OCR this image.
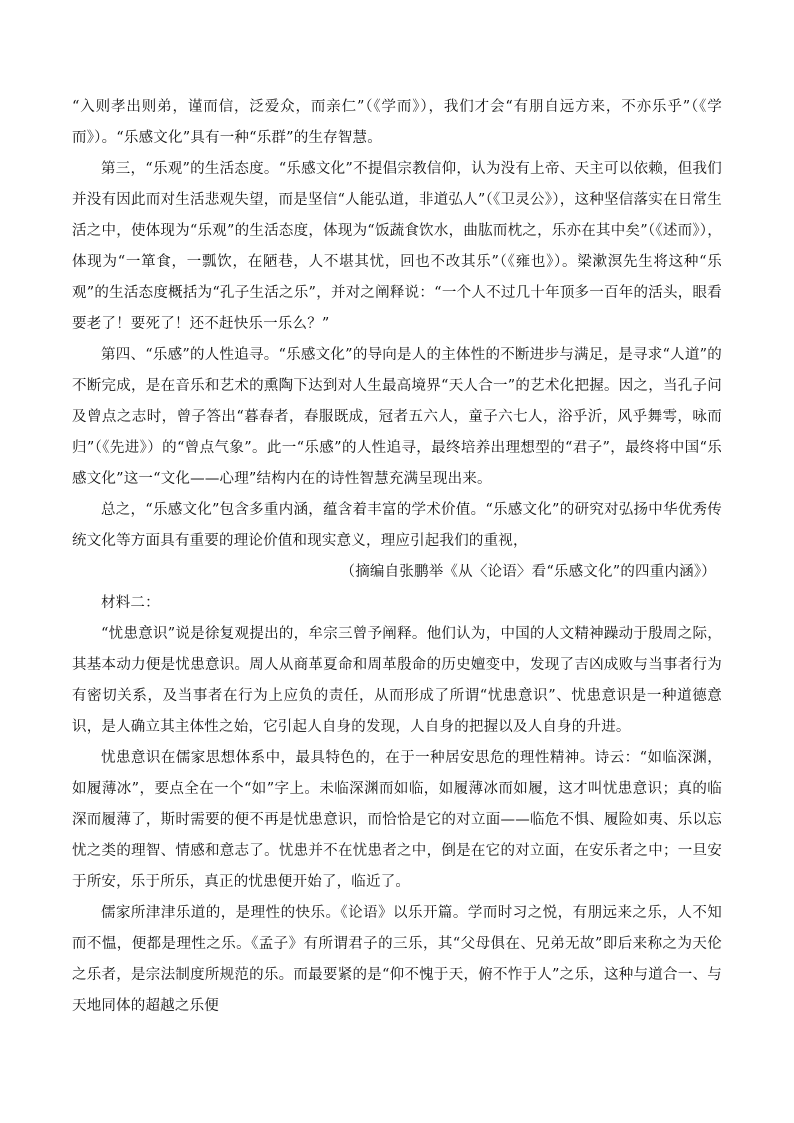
“入则孝出则弟，谨而信，泛爱众，而亲仁”（《学而》），我们才会“有朋自远方来，不亦乐乎”（《学而》）。“乐感文化”具有一种“乐群”的生存智慧。

第三，“乐观”的生活态度。“乐感文化”不提倡宗教信仰，认为没有上帝、天主可以依赖，但我们并没有因此而对生活悲观失望，而是坚信“人能弘道，非道弘人”（《卫灵公》），这种坚信落实在日常生活之中，使体现为“乐观”的生活态度，体现为“饭蔬食饮水，曲肱而枕之，乐亦在其中矣”（《述而》），体现为“一箪食，一瓢饮，在陋巷，人不堪其忧，回也不改其乐”（《雍也》）。梁漱溟先生将这种“乐观”的生活态度概括为“孔子生活之乐”，并对之阐释说：“一个人不过几十年顶多一百年的活头，眼看要老了！要死了！还不赶快乐一乐么？”

第四、“乐感”的人性追寻。“乐感文化”的导向是人的主体性的不断进步与满足，是寻求“人道”的不断完成，是在音乐和艺术的熏陶下达到对人生最高境界“天人合一”的艺术化把握。因之，当孔子问及曾点之志时，曾子答出“暮春者，春服既成，冠者五六人，童子六七人，浴乎沂，风乎舞雩，咏而归”（《先进》）的“曾点气象”。此一“乐感”的人性追寻，最终培养出理想型的“君子”，最终将中国“乐感文化”这一“文化——心理”结构内在的诗性智慧充满呈现出来。

总之，“乐感文化”包含多重内涵，蕴含着丰富的学术价值。“乐感文化”的研究对弘扬中华优秀传统文化等方面具有重要的理论价值和现实意义，理应引起我们的重视，

（摘编自张鹏举《从〈论语〉看“乐感文化”的四重内涵》）

材料二：

“忧患意识”说是徐复观提出的，牟宗三曾予阐释。他们认为，中国的人文精神躁动于殷周之际，其基本动力便是忧患意识。周人从商革夏命和周革殷命的历史嬗变中，发现了吉凶成败与当事者行为有密切关系，及当事者在行为上应负的责任，从而形成了所谓“忧患意识”、忧患意识是一种道德意识，是人确立其主体性之始，它引起人自身的发现，人自身的把握以及人自身的升进。

忧患意识在儒家思想体系中，最具特色的，在于一种居安思危的理性精神。诗云：“如临深渊，如履薄冰”，要点全在一个“如”字上。未临深渊而如临，如履薄冰而如履，这才叫忧患意识；真的临深而履薄了，斯时需要的便不再是忧患意识，而恰恰是它的对立面——临危不惧、履险如夷、乐以忘忧之类的理智、情感和意志了。忧患并不在忧患者之中，倒是在它的对立面，在安乐者之中；一旦安于所安，乐于所乐，真正的忧患便开始了，临近了。

儒家所津津乐道的，是理性的快乐。《论语》以乐开篇。学而时习之悦，有朋远来之乐，人不知而不愠，便都是理性之乐。《孟子》有所谓君子的三乐，其“父母俱在、兄弟无故”即后来称之为天伦之乐者，是宗法制度所规范的乐。而最要紧的是“仰不愧于天，俯不怍于人”之乐，这种与道合一、与天地同体的超越之乐便
